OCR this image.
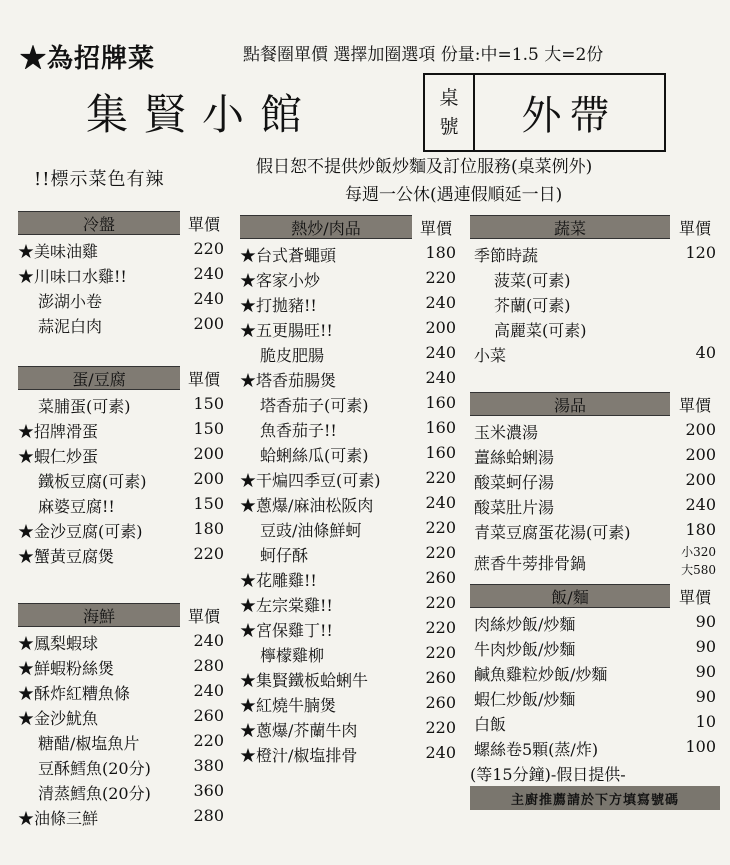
★為招牌菜	點餐圈單價 選擇加圈選項 份量:中=1.5 大=2份
集賢小館	桌
號	外帶
!!標示菜色有辣
假日恕不提供炒飯炒麵及訂位服務(桌菜例外)
每週一公休(遇連假順延一日)
冷盤	單價
★美味油雞	220
★川味口水雞!!	240
澎湖小卷	240
蒜泥白肉	200
蛋/豆腐	單價
菜脯蛋(可素)	150
★招牌滑蛋	150
★蝦仁炒蛋	200
鐵板豆腐(可素)	200
麻婆豆腐!!	150
★金沙豆腐(可素)	180
★蟹黃豆腐煲	220
海鮮	單價
★鳳梨蝦球	240
★鮮蝦粉絲煲	280
★酥炸紅糟魚條	240
★金沙魷魚	260
糖醋/椒塩魚片	220
豆酥鱈魚(20分)	380
清蒸鱈魚(20分)	360
★油條三鮮	280
熱炒/肉品	單價
★台式蒼蠅頭	180
★客家小炒	220
★打拋豬!!	240
★五更腸旺!!	200
脆皮肥腸	240
★塔香茄腸煲	240
塔香茄子(可素)	160
魚香茄子!!	160
蛤蜊絲瓜(可素)	160
★干煸四季豆(可素)	220
★蔥爆/麻油松阪肉	240
豆豉/油條鮮蚵	220
蚵仔酥	220
★花雕雞!!	260
★左宗棠雞!!	220
★宮保雞丁!!	220
檸檬雞柳	220
★集賢鐵板蛤蜊牛	260
★紅燒牛腩煲	260
★蔥爆/芥蘭牛肉	220
★橙汁/椒塩排骨	240
蔬菜	單價
季節時蔬	120
菠菜(可素)
芥蘭(可素)
高麗菜(可素)
小菜	40
湯品	單價
玉米濃湯	200
薑絲蛤蜊湯	200
酸菜蚵仔湯	200
酸菜肚片湯	240
青菜豆腐蛋花湯(可素)	180
蔗香牛蒡排骨鍋
小320
大580
飯/麵	單價
肉絲炒飯/炒麵	90
牛肉炒飯/炒麵	90
鹹魚雞粒炒飯/炒麵	90
蝦仁炒飯/炒麵	90
白飯	10
螺絲卷5顆(蒸/炸)	100
(等15分鐘)-假日提供-
主廚推薦請於下方填寫號碼
